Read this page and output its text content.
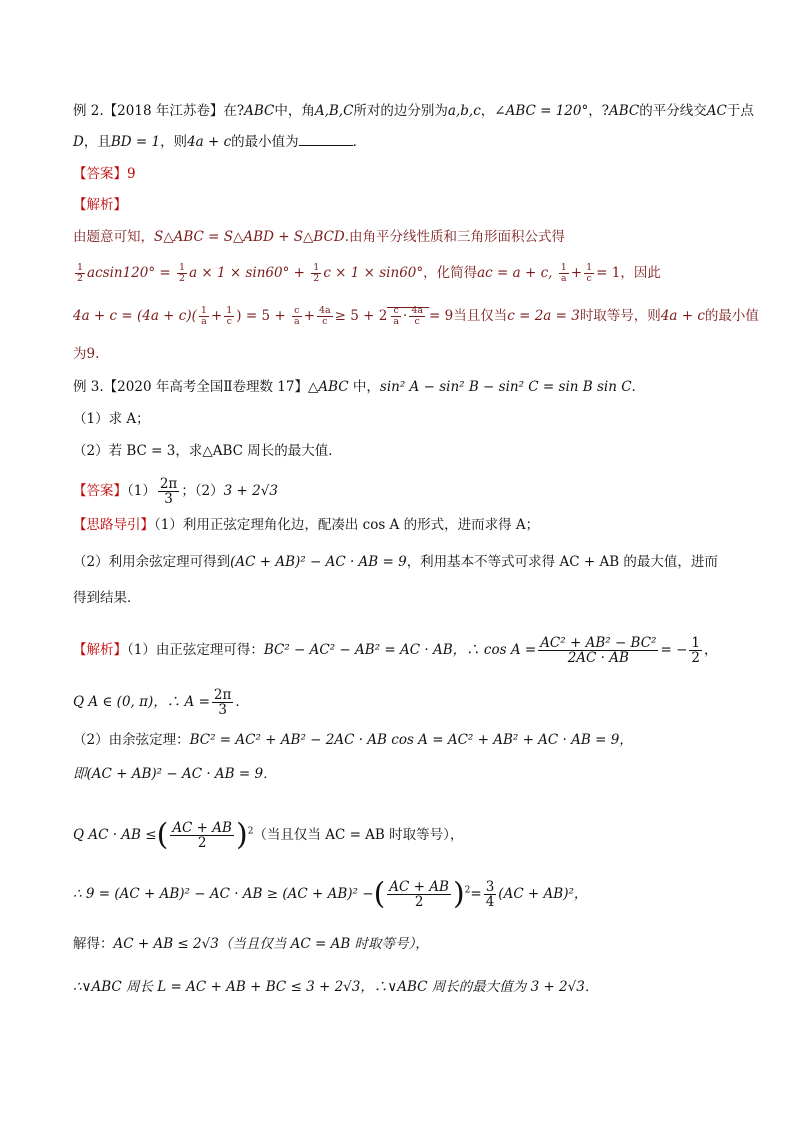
例 2.【2018 年江苏卷】在?ABC中，角A,B,C所对的边分别为a,b,c，∠ABC = 120°，?ABC的平分线交AC于点
D，且BD = 1，则4a + c的最小值为	．
【答案】9
【解析】
由题意可知，S△ABC = S△ABD + S△BCD.由角平分线性质和三角形面积公式得
$\frac{1}{2} acsin120^\circ = \frac{1}{2}$ $a \times 1 \times \sin 60^\circ + \frac{1}{2}$ c × 1 × sin60°，化简得ac = a + c, $\frac{1}{a} + \frac{1}{c} = 1$，因此
$4a + c = (4a + c)( \frac{1}{a} + \frac{1}{c}$ ) = $5 + \frac{c}{a} + \frac{4a}{c} \ge 5 + 2 \frac{c}{a} \cdot \frac{4a}{c} = 9$当且仅当c = 2a = 3时取等号，则4a + c的最小值
为9.
例 3.【2020 年高考全国Ⅱ卷理数 17】△ABC 中，sin² A − sin² B − sin² C = sin B sin C．
（1）求 A；
（2）若 BC = 3，求△ABC 周长的最大值．
【答案】$(1) \frac{2\pi}{3}$ ；（2）3 + 2√3
【思路导引】（1）利用正弦定理角化边，配凑出 cos A 的形式，进而求得 A；
（2）利用余弦定理可得到(AC + AB)² − AC · AB = 9，利用基本不等式可求得 AC + AB 的最大值，进而
得到结果．
【解析】（1）由正弦定理可得：BC² − AC² − AB² = AC · AB，∴ $\cos A = \frac{\text{AC² + AB² − BC²}}{2AC \cdot AB}$ = − $\frac{1}{2}$ ，
Q A ∈ (0, π)，∴ $A = \frac{2\pi}{3}$ ．
（2）由余弦定理：BC² = AC² + AB² − 2AC · AB cos A = AC² + AB² + AC · AB = 9，
即(AC + AB)² − AC · AB = 9．
Q AC · AB ≤( $\frac{AC + AB}{2} )^2$（当且仅当 AC = AB 时取等号），
∴ 9 = (AC + AB)² − AC · AB ≥ (AC + AB)² −( $\frac{AC + AB}{2} )^2= \frac{3}{4} (AC + AB)^2$，
解得：AC + AB ≤ 2√3（当且仅当 AC = AB 时取等号），
∴∨ABC 周长 L = AC + AB + BC ≤ 3 + 2√3，∴∨ABC 周长的最大值为 3 + 2√3．
